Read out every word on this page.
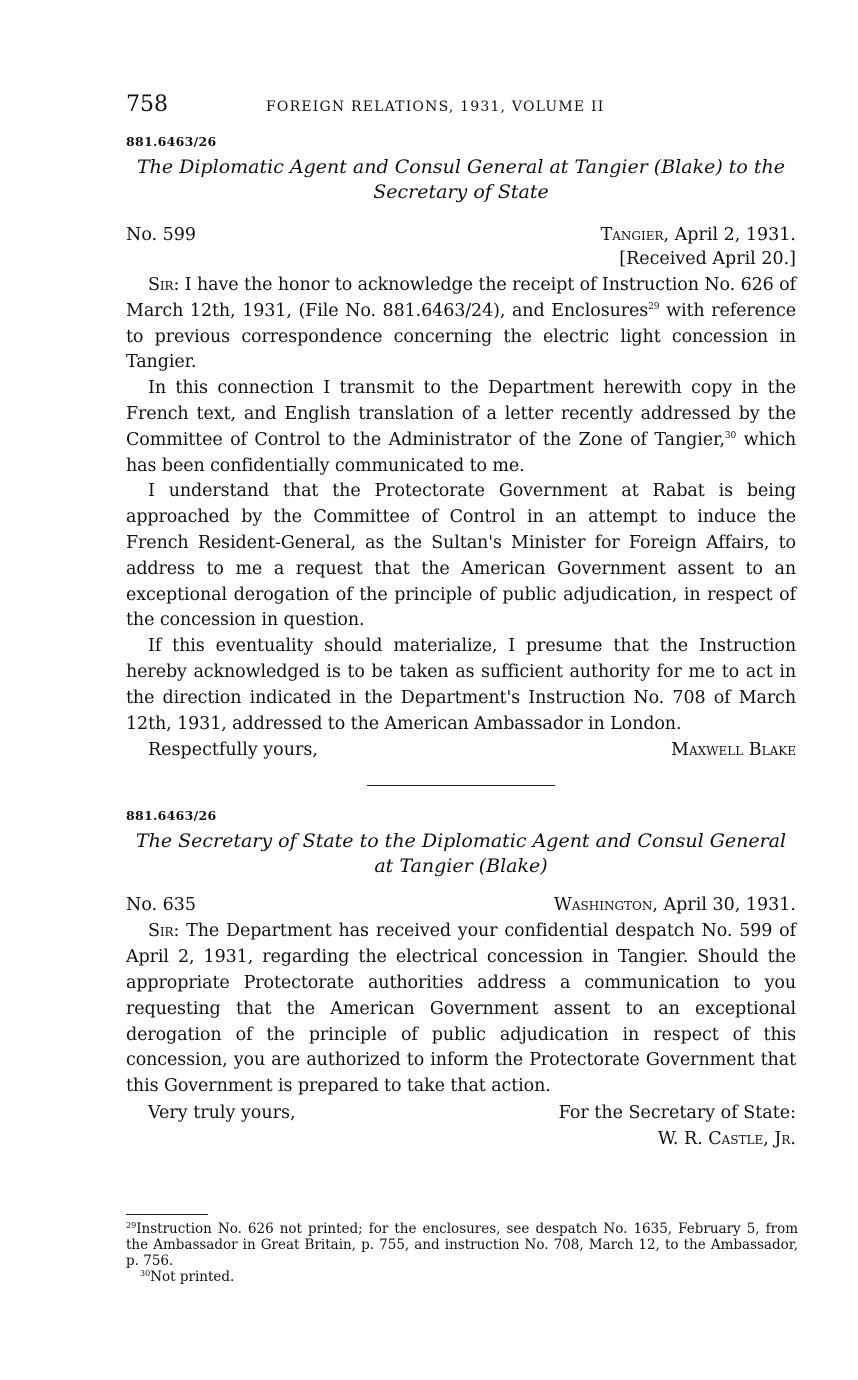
758	FOREIGN RELATIONS, 1931, VOLUME II
881.6463/26
The Diplomatic Agent and Consul General at Tangier (Blake) to the
Secretary of State
No. 599	Tangier, April 2, 1931.
[Received April 20.]

Sir: I have the honor to acknowledge the receipt of Instruction No. 626 of March 12th, 1931, (File No. 881.6463/24), and Enclosures$^{29}$ with reference to previous correspondence concerning the electric light concession in Tangier.

In this connection I transmit to the Department herewith copy in the French text, and English translation of a letter recently addressed by the Committee of Control to the Administrator of the Zone of Tangier,$^{30}$ which has been confidentially communicated to me.

I understand that the Protectorate Government at Rabat is being approached by the Committee of Control in an attempt to induce the French Resident-General, as the Sultan's Minister for Foreign Affairs, to address to me a request that the American Government assent to an exceptional derogation of the principle of public adjudication, in respect of the concession in question.

If this eventuality should materialize, I presume that the Instruction hereby acknowledged is to be taken as sufficient authority for me to act in the direction indicated in the Department's Instruction No. 708 of March 12th, 1931, addressed to the American Ambassador in London.

Respectfully yours,	Maxwell Blake
881.6463/26
The Secretary of State to the Diplomatic Agent and Consul General
at Tangier (Blake)
No. 635	Washington, April 30, 1931.

Sir: The Department has received your confidential despatch No. 599 of April 2, 1931, regarding the electrical concession in Tangier. Should the appropriate Protectorate authorities address a communication to you requesting that the American Government assent to an exceptional derogation of the principle of public adjudication in respect of this concession, you are authorized to inform the Protectorate Government that this Government is prepared to take that action.

Very truly yours,	For the Secretary of State:
W. R. Castle, Jr.
$^{29}$Instruction No. 626 not printed; for the enclosures, see despatch No. 1635, February 5, from the Ambassador in Great Britain, p. 755, and instruction No. 708, March 12, to the Ambassador, p. 756.
$^{30}$Not printed.
